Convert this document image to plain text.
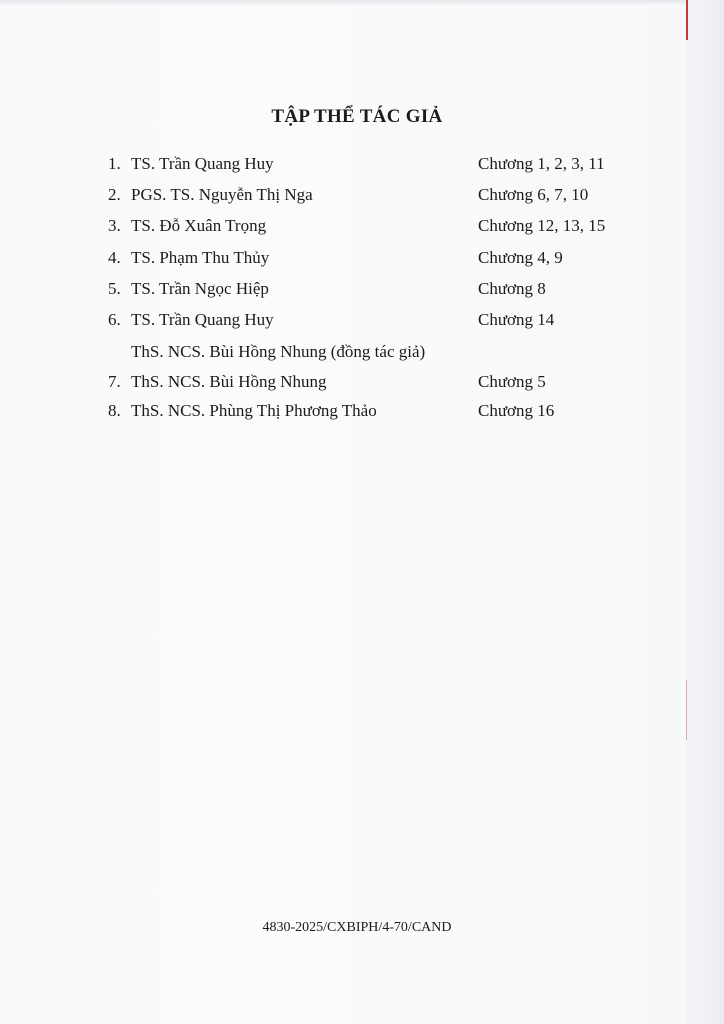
TẬP THỂ TÁC GIẢ
1. TS. Trần Quang Huy	Chương 1, 2, 3, 11
2. PGS. TS. Nguyễn Thị Nga	Chương 6, 7, 10
3. TS. Đỗ Xuân Trọng	Chương 12, 13, 15
4. TS. Phạm Thu Thủy	Chương 4, 9
5. TS. Trần Ngọc Hiệp	Chương 8
6. TS. Trần Quang Huy	Chương 14
ThS. NCS. Bùi Hồng Nhung (đồng tác giả)
7. ThS. NCS. Bùi Hồng Nhung	Chương 5
8. ThS. NCS. Phùng Thị Phương Thảo	Chương 16
4830-2025/CXBIPH/4-70/CAND
